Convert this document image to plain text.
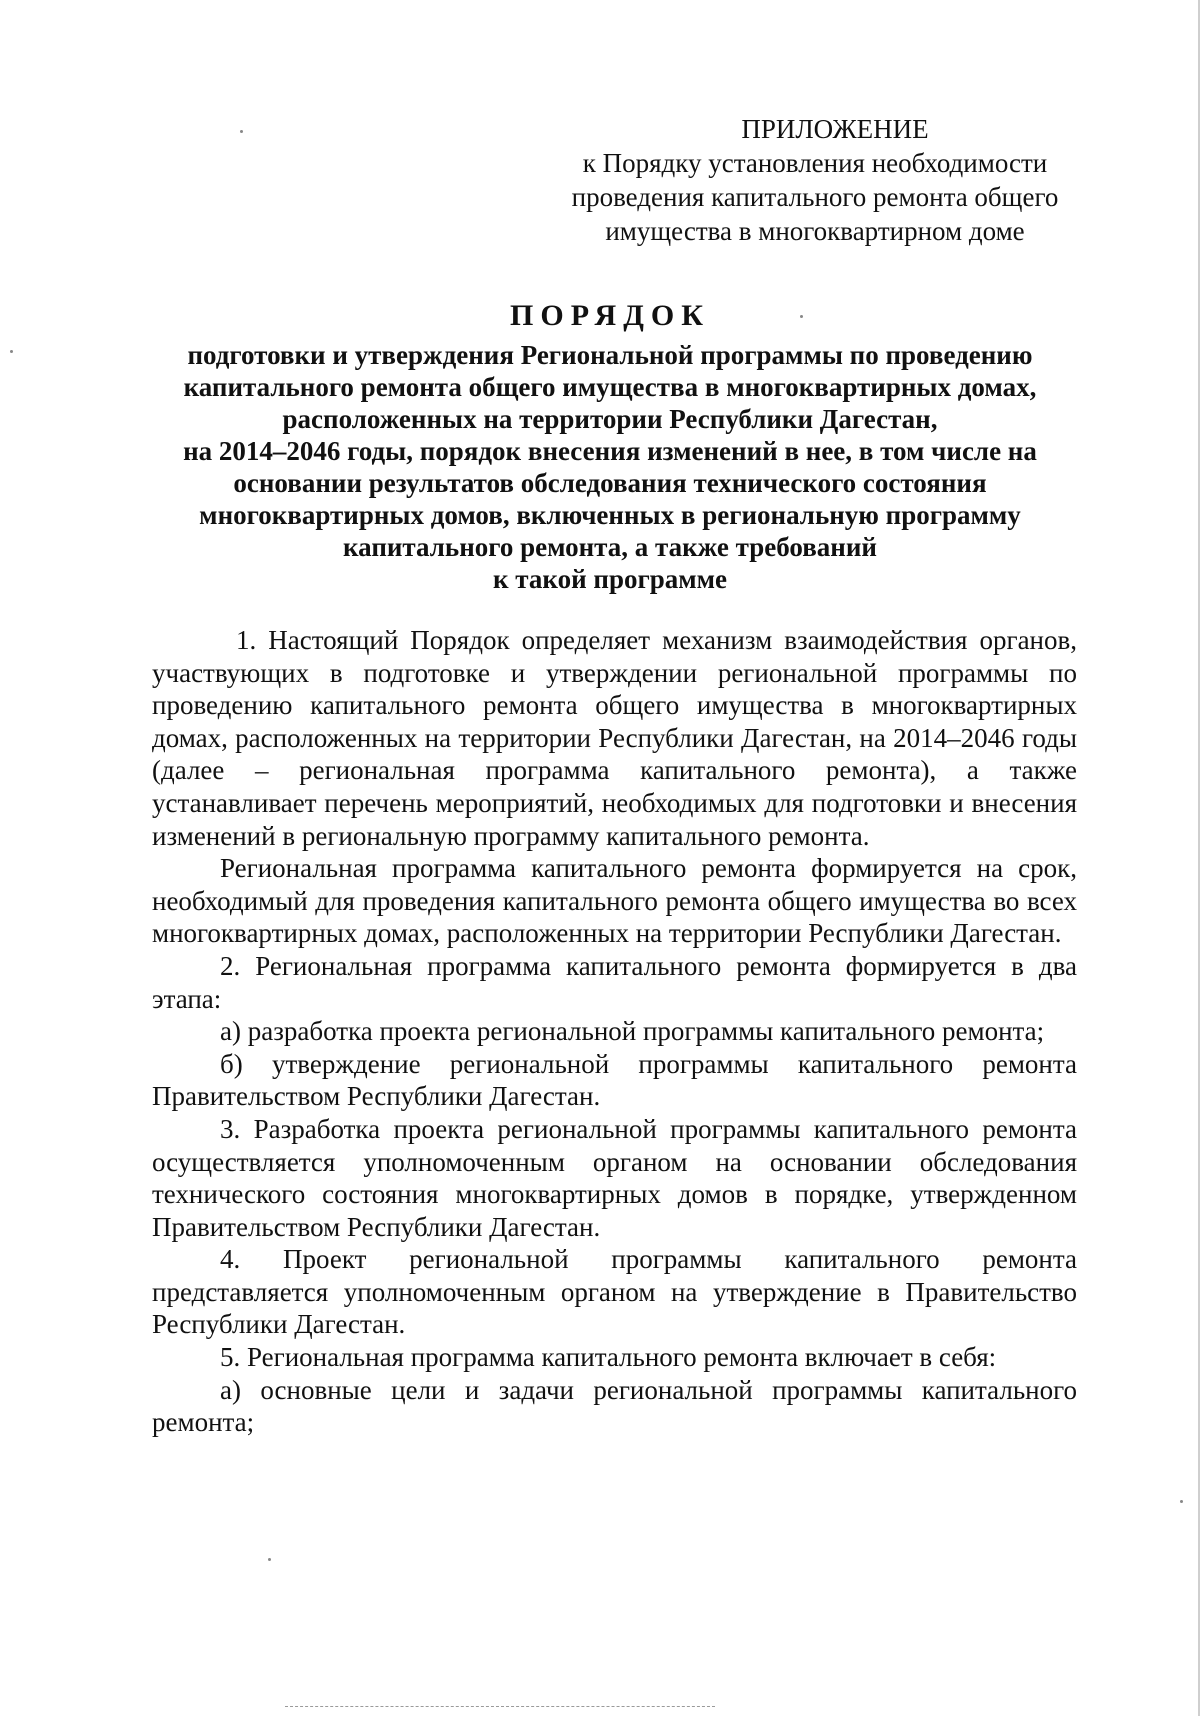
ПРИЛОЖЕНИЕ
к Порядку установления необходимости
проведения капитального ремонта общего
имущества в многоквартирном доме
ПОРЯДОК
подготовки и утверждения Региональной программы по проведению
капитального ремонта общего имущества в многоквартирных домах,
расположенных на территории Республики Дагестан,
на 2014–2046 годы, порядок внесения изменений в нее, в том числе на
основании результатов обследования технического состояния
многоквартирных домов, включенных в региональную программу
капитального ремонта, а также требований
к такой программе

1. Настоящий Порядок определяет механизм взаимодействия органов, участвующих в подготовке и утверждении региональной программы по проведению капитального ремонта общего имущества в многоквартирных домах, расположенных на территории Республики Дагестан, на 2014–2046 годы (далее – региональная программа капитального ремонта), а также устанавливает перечень мероприятий, необходимых для подготовки и внесения изменений в региональную программу капитального ремонта.

Региональная программа капитального ремонта формируется на срок, необходимый для проведения капитального ремонта общего имущества во всех многоквартирных домах, расположенных на территории Республики Дагестан.

2. Региональная программа капитального ремонта формируется в два этапа:

а) разработка проекта региональной программы капитального ремонта;

б) утверждение региональной программы капитального ремонта Правительством Республики Дагестан.

3. Разработка проекта региональной программы капитального ремонта осуществляется уполномоченным органом на основании обследования технического состояния многоквартирных домов в порядке, утвержденном Правительством Республики Дагестан.

4. Проект региональной программы капитального ремонта представляется уполномоченным органом на утверждение в Правительство Республики Дагестан.

5. Региональная программа капитального ремонта включает в себя:

а) основные цели и задачи региональной программы капитального ремонта;
